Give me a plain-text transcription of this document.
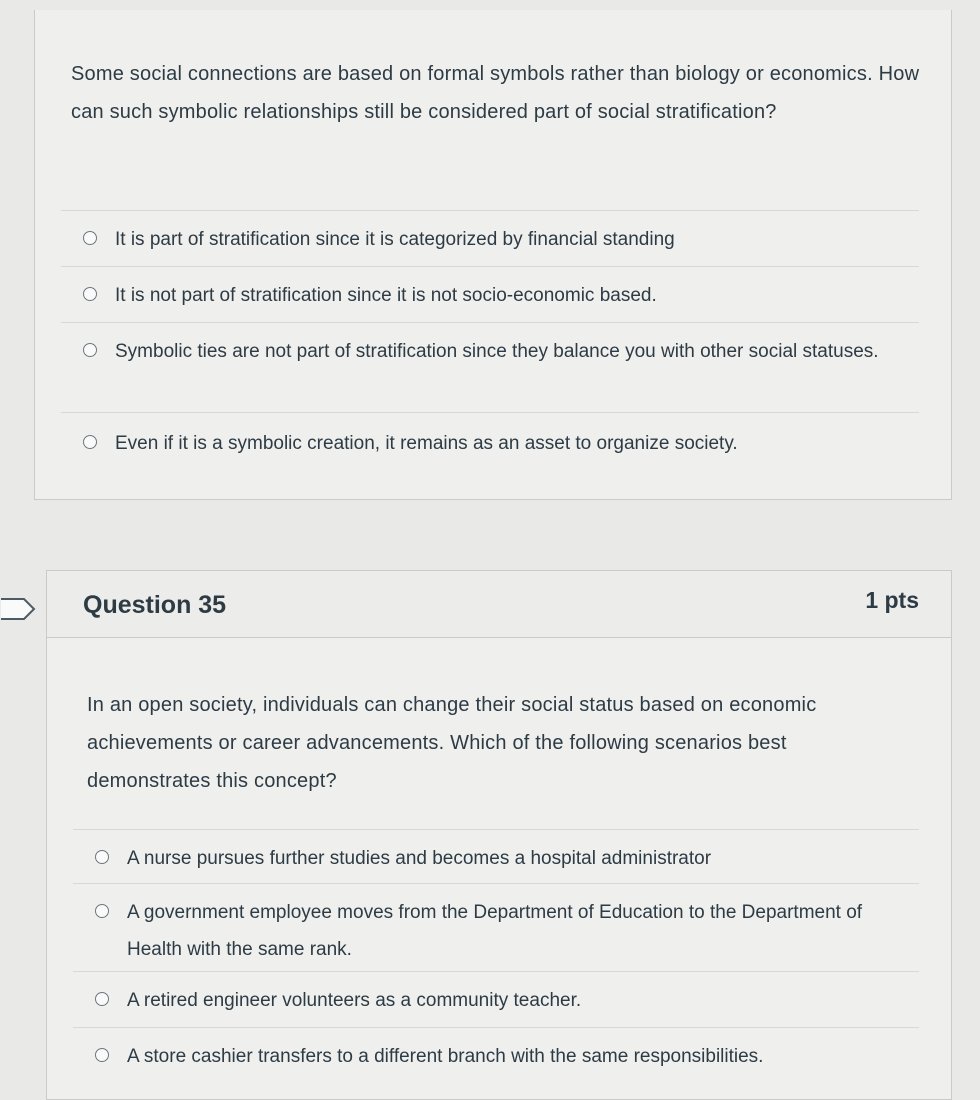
Some social connections are based on formal symbols rather than biology or economics. How can such symbolic relationships still be considered part of social stratification?

It is part of stratification since it is categorized by financial standing
It is not part of stratification since it is not socio-economic based.
Symbolic ties are not part of stratification since they balance you with other social statuses.
Even if it is a symbolic creation, it remains as an asset to organize society.
Question 35	1 pts

In an open society, individuals can change their social status based on economic achievements or career advancements. Which of the following scenarios best demonstrates this concept?

A nurse pursues further studies and becomes a hospital administrator
A government employee moves from the Department of Education to the Department of Health with the same rank.
A retired engineer volunteers as a community teacher.
A store cashier transfers to a different branch with the same responsibilities.
